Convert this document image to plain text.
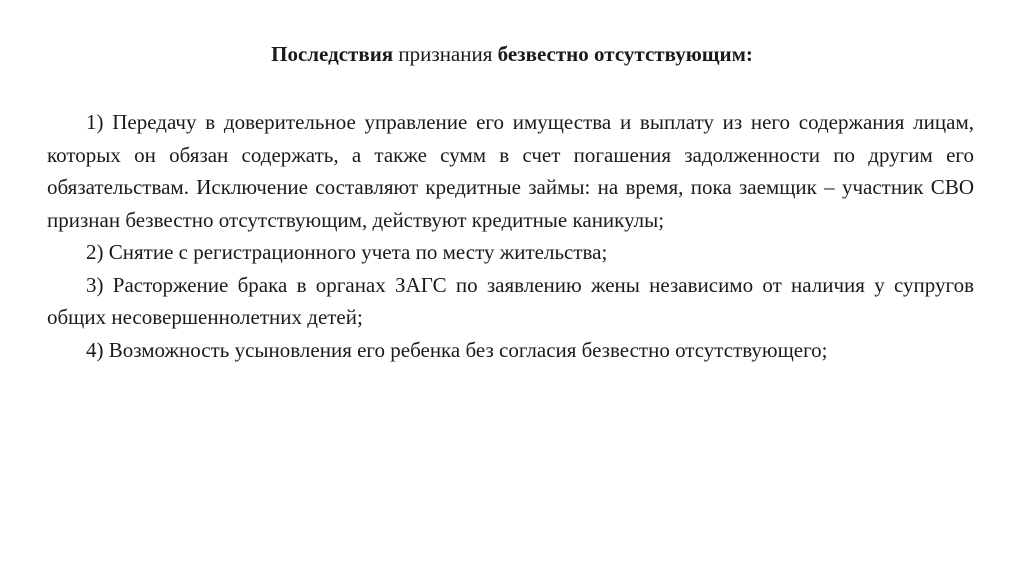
Последствия признания безвестно отсутствующим:

1) Передачу в доверительное управление его имущества и выплату из него содержания лицам, которых он обязан содержать, а также сумм в счет погашения задолженности по другим его обязательствам. Исключение составляют кредитные займы: на время, пока заемщик – участник СВО признан безвестно отсутствующим, действуют кредитные каникулы;

2) Снятие с регистрационного учета по месту жительства;

3) Расторжение брака в органах ЗАГС по заявлению жены независимо от наличия у супругов общих несовершеннолетних детей;

4) Возможность усыновления его ребенка без согласия безвестно отсутствующего;
